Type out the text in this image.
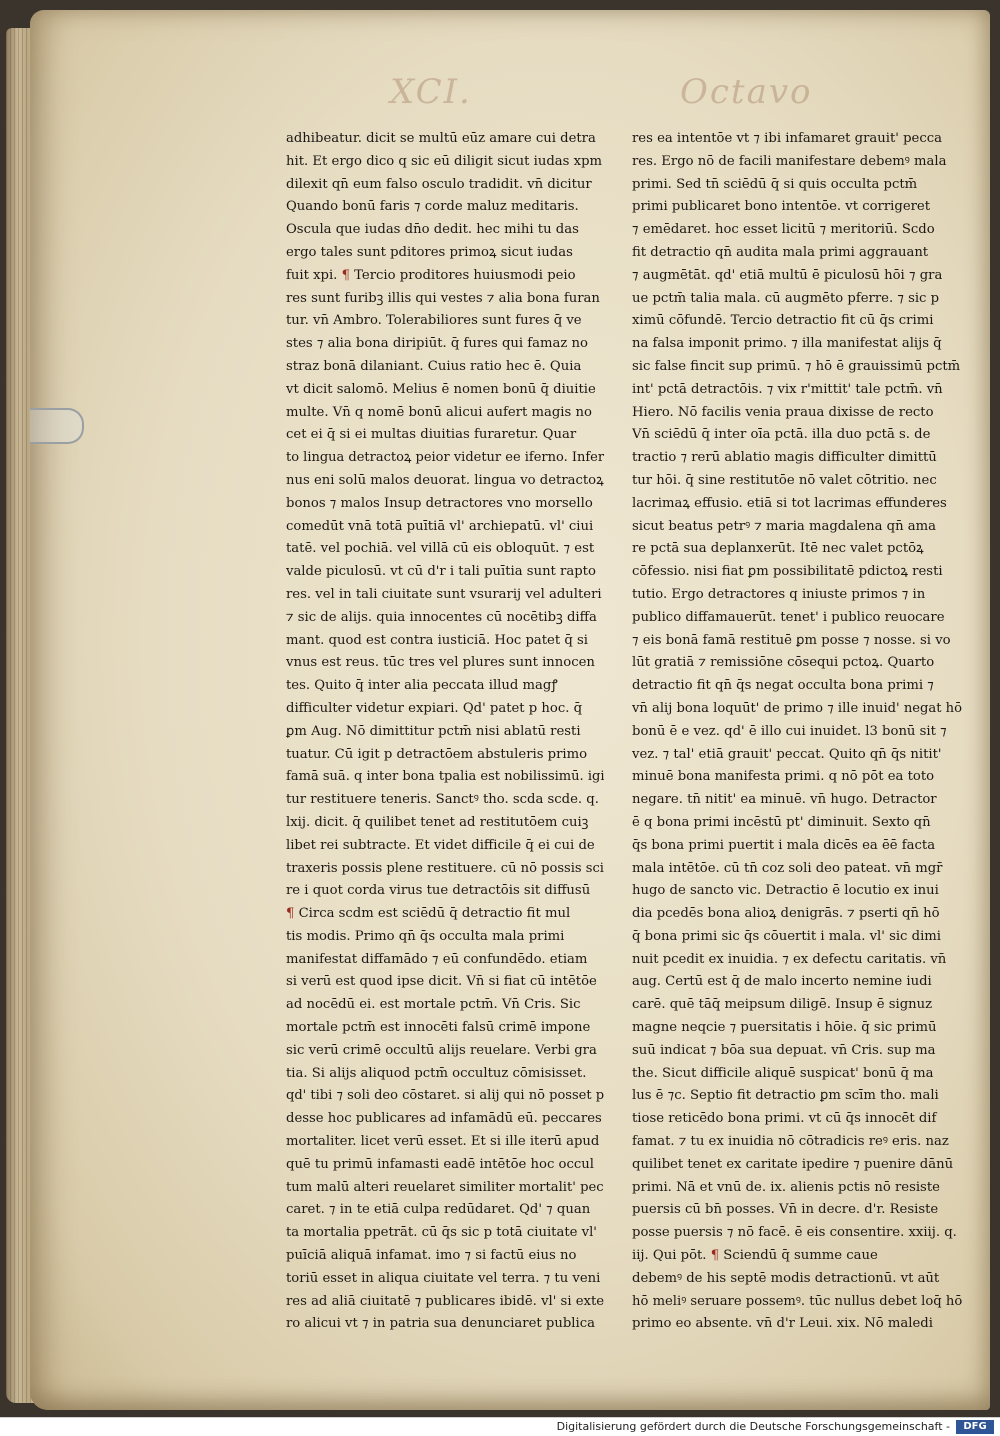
XCI.	Octavo
adhibeatur. dicit se multū eūz amare cui detra
hit. Et ergo dico q sic eū diligit sicut iudas xpm
dilexit qn̄ eum falso osculo tradidit. vn̄ dicitur
Quando bonū faris ⁊ corde maluz meditaris.
Oscula que iudas dn̄o dedit. hec mihi tu das
ergo tales sunt pditores primoꝝ sicut iudas
fuit xpi. ¶ Tercio proditores huiusmodi peio
res sunt furibꝫ illis qui vestes ⁊ alia bona furan
tur. vn̄ Ambro. Tolerabiliores sunt fures q̄ ve
stes ⁊ alia bona diripiūt. q̄ fures qui famaz no
straz bonā dilaniant. Cuius ratio hec ē. Quia
vt dicit salomō. Melius ē nomen bonū q̄ diuitie
multe. Vn̄ q nomē bonū alicui aufert magis no
cet ei q̄ si ei multas diuitias furaretur. Quar
to lingua detractoꝝ peior videtur ee iferno. Infer
nus eni solū malos deuorat. lingua vo detractoꝝ
bonos ⁊ malos Insup detractores vno morsello
comedūt vnā totā puītiā vl' archiepatū. vl' ciui
tatē. vel pochiā. vel villā cū eis obloquūt. ⁊ est
valde piculosū. vt cū d'r i tali puītia sunt rapto
res. vel in tali ciuitate sunt vsurarij vel adulteri
⁊ sic de alijs. quia innocentes cū nocētibꝫ diffa
mant. quod est contra iusticiā. Hoc patet q̄ si
vnus est reus. tūc tres vel plures sunt innocen
tes. Quito q̄ inter alia peccata illud magꝭ
difficulter videtur expiari. Qd' patet p hoc. q̄
ꝑm Aug. Nō dimittitur pctm̄ nisi ablatū resti
tuatur. Cū igit p detractōem abstuleris primo
famā suā. q inter bona tpalia est nobilissimū. igi
tur restituere teneris. Sanctꝰ tho. scda scde. q.
lxij. dicit. q̄ quilibet tenet ad restitutōem cuiꝫ
libet rei subtracte. Et videt difficile q̄ ei cui de
traxeris possis plene restituere. cū nō possis sci
re i quot corda virus tue detractōis sit diffusū
¶ Circa scdm est sciēdū q̄ detractio fit mul
tis modis. Primo qn̄ q̄s occulta mala primi
manifestat diffamādo ⁊ eū confundēdo. etiam
si verū est quod ipse dicit. Vn̄ si fiat cū intētōe
ad nocēdū ei. est mortale pctm̄. Vn̄ Cris. Sic
mortale pctm̄ est innocēti falsū crimē impone
sic verū crimē occultū alijs reuelare. Verbi gra
tia. Si alijs aliquod pctm̄ occultuz cōmisisset.
qd' tibi ⁊ soli deo cōstaret. si alij qui nō posset p
desse hoc publicares ad infamādū eū. peccares
mortaliter. licet verū esset. Et si ille iterū apud
quē tu primū infamasti eadē intētōe hoc occul
tum malū alteri reuelaret similiter mortalit' pec
caret. ⁊ in te etiā culpa redūdaret. Qd' ⁊ quan
ta mortalia ppetrāt. cū q̄s sic p totā ciuitate vl'
puīciā aliquā infamat. imo ⁊ si factū eius no
toriū esset in aliqua ciuitate vel terra. ⁊ tu veni
res ad aliā ciuitatē ⁊ publicares ibidē. vl' si exte
ro alicui vt ⁊ in patria sua denunciaret publica
res ea intentōe vt ⁊ ibi infamaret grauit' pecca
res. Ergo nō de facili manifestare debemꝰ mala
primi. Sed tn̄ sciēdū q̄ si quis occulta pctm̄
primi publicaret bono intentōe. vt corrigeret
⁊ emēdaret. hoc esset licitū ⁊ meritoriū. Scdo
fit detractio qn̄ audita mala primi aggrauant
⁊ augmētāt. qd' etiā multū ē piculosū hōi ⁊ gra
ue pctm̄ talia mala. cū augmēto pferre. ⁊ sic p
ximū cōfundē. Tercio detractio fit cū q̄s crimi
na falsa imponit primo. ⁊ illa manifestat alijs q̄
sic false fincit sup primū. ⁊ hō ē grauissimū pctm̄
int' pctā detractōis. ⁊ vix r'mittit' tale pctm̄. vn̄
Hiero. Nō facilis venia praua dixisse de recto
Vn̄ sciēdū q̄ inter oīa pctā. illa duo pctā s. de
tractio ⁊ rerū ablatio magis difficulter dimittū
tur hōi. q̄ sine restitutōe nō valet cōtritio. nec
lacrimaꝝ effusio. etiā si tot lacrimas effunderes
sicut beatus petrꝰ ⁊ maria magdalena qn̄ ama
re pctā sua deplanxerūt. Itē nec valet pctōꝝ
cōfessio. nisi fiat ꝑm possibilitatē pdictoꝝ resti
tutio. Ergo detractores q iniuste primos ⁊ in
publico diffamauerūt. tenet' i publico reuocare
⁊ eis bonā famā restituē ꝑm posse ⁊ nosse. si vo
lūt gratiā ⁊ remissiōne cōsequi pctoꝝ. Quarto
detractio fit qn̄ q̄s negat occulta bona primi ⁊
vn̄ alij bona loquūt' de primo ⁊ ille inuid' negat hō
bonū ē e vez. qd' ē illo cui inuidet. l3 bonū sit ⁊
vez. ⁊ tal' etiā grauit' peccat. Quito qn̄ q̄s nitit'
minuē bona manifesta primi. q nō pōt ea toto
negare. tn̄ nitit' ea minuē. vn̄ hugo. Detractor
ē q bona primi incēstū pt' diminuit. Sexto qn̄
q̄s bona primi puertit i mala dicēs ea ēē facta
mala intētōe. cū tn̄ coz soli deo pateat. vn̄ mgr̄
hugo de sancto vic. Detractio ē locutio ex inui
dia pcedēs bona alioꝝ denigrās. ⁊ pserti qn̄ hō
q̄ bona primi sic q̄s cōuertit i mala. vl' sic dimi
nuit pcedit ex inuidia. ⁊ ex defectu caritatis. vn̄
aug. Certū est q̄ de malo incerto nemine iudi
carē. quē tāq̄ meipsum diligē. Insup ē signuz
magne neqcie ⁊ puersitatis i hōie. q̄ sic primū
suū indicat ⁊ bōa sua depuat. vn̄ Cris. sup ma
the. Sicut difficile aliquē suspicat' bonū q̄ ma
lus ē ⁊c. Septio fit detractio ꝑm scīm tho. mali
tiose reticēdo bona primi. vt cū q̄s innocēt dif
famat. ⁊ tu ex inuidia nō cōtradicis reꝰ eris. naz
quilibet tenet ex caritate ipedire ⁊ puenire dānū
primi. Nā et vnū de. ix. alienis pctis nō resiste
puersis cū bn̄ posses. Vn̄ in decre. d'r. Resiste
posse puersis ⁊ nō facē. ē eis consentire. xxiij. q.
iij. Qui pōt. ¶ Sciendū q̄ summe caue
debemꝰ de his septē modis detractionū. vt aūt
hō meliꝰ seruare possemꝰ. tūc nullus debet loq̄ hō
primo eo absente. vn̄ d'r Leui. xix. Nō maledi
Digitalisierung gefördert durch die Deutsche Forschungsgemeinschaft -	DFG
